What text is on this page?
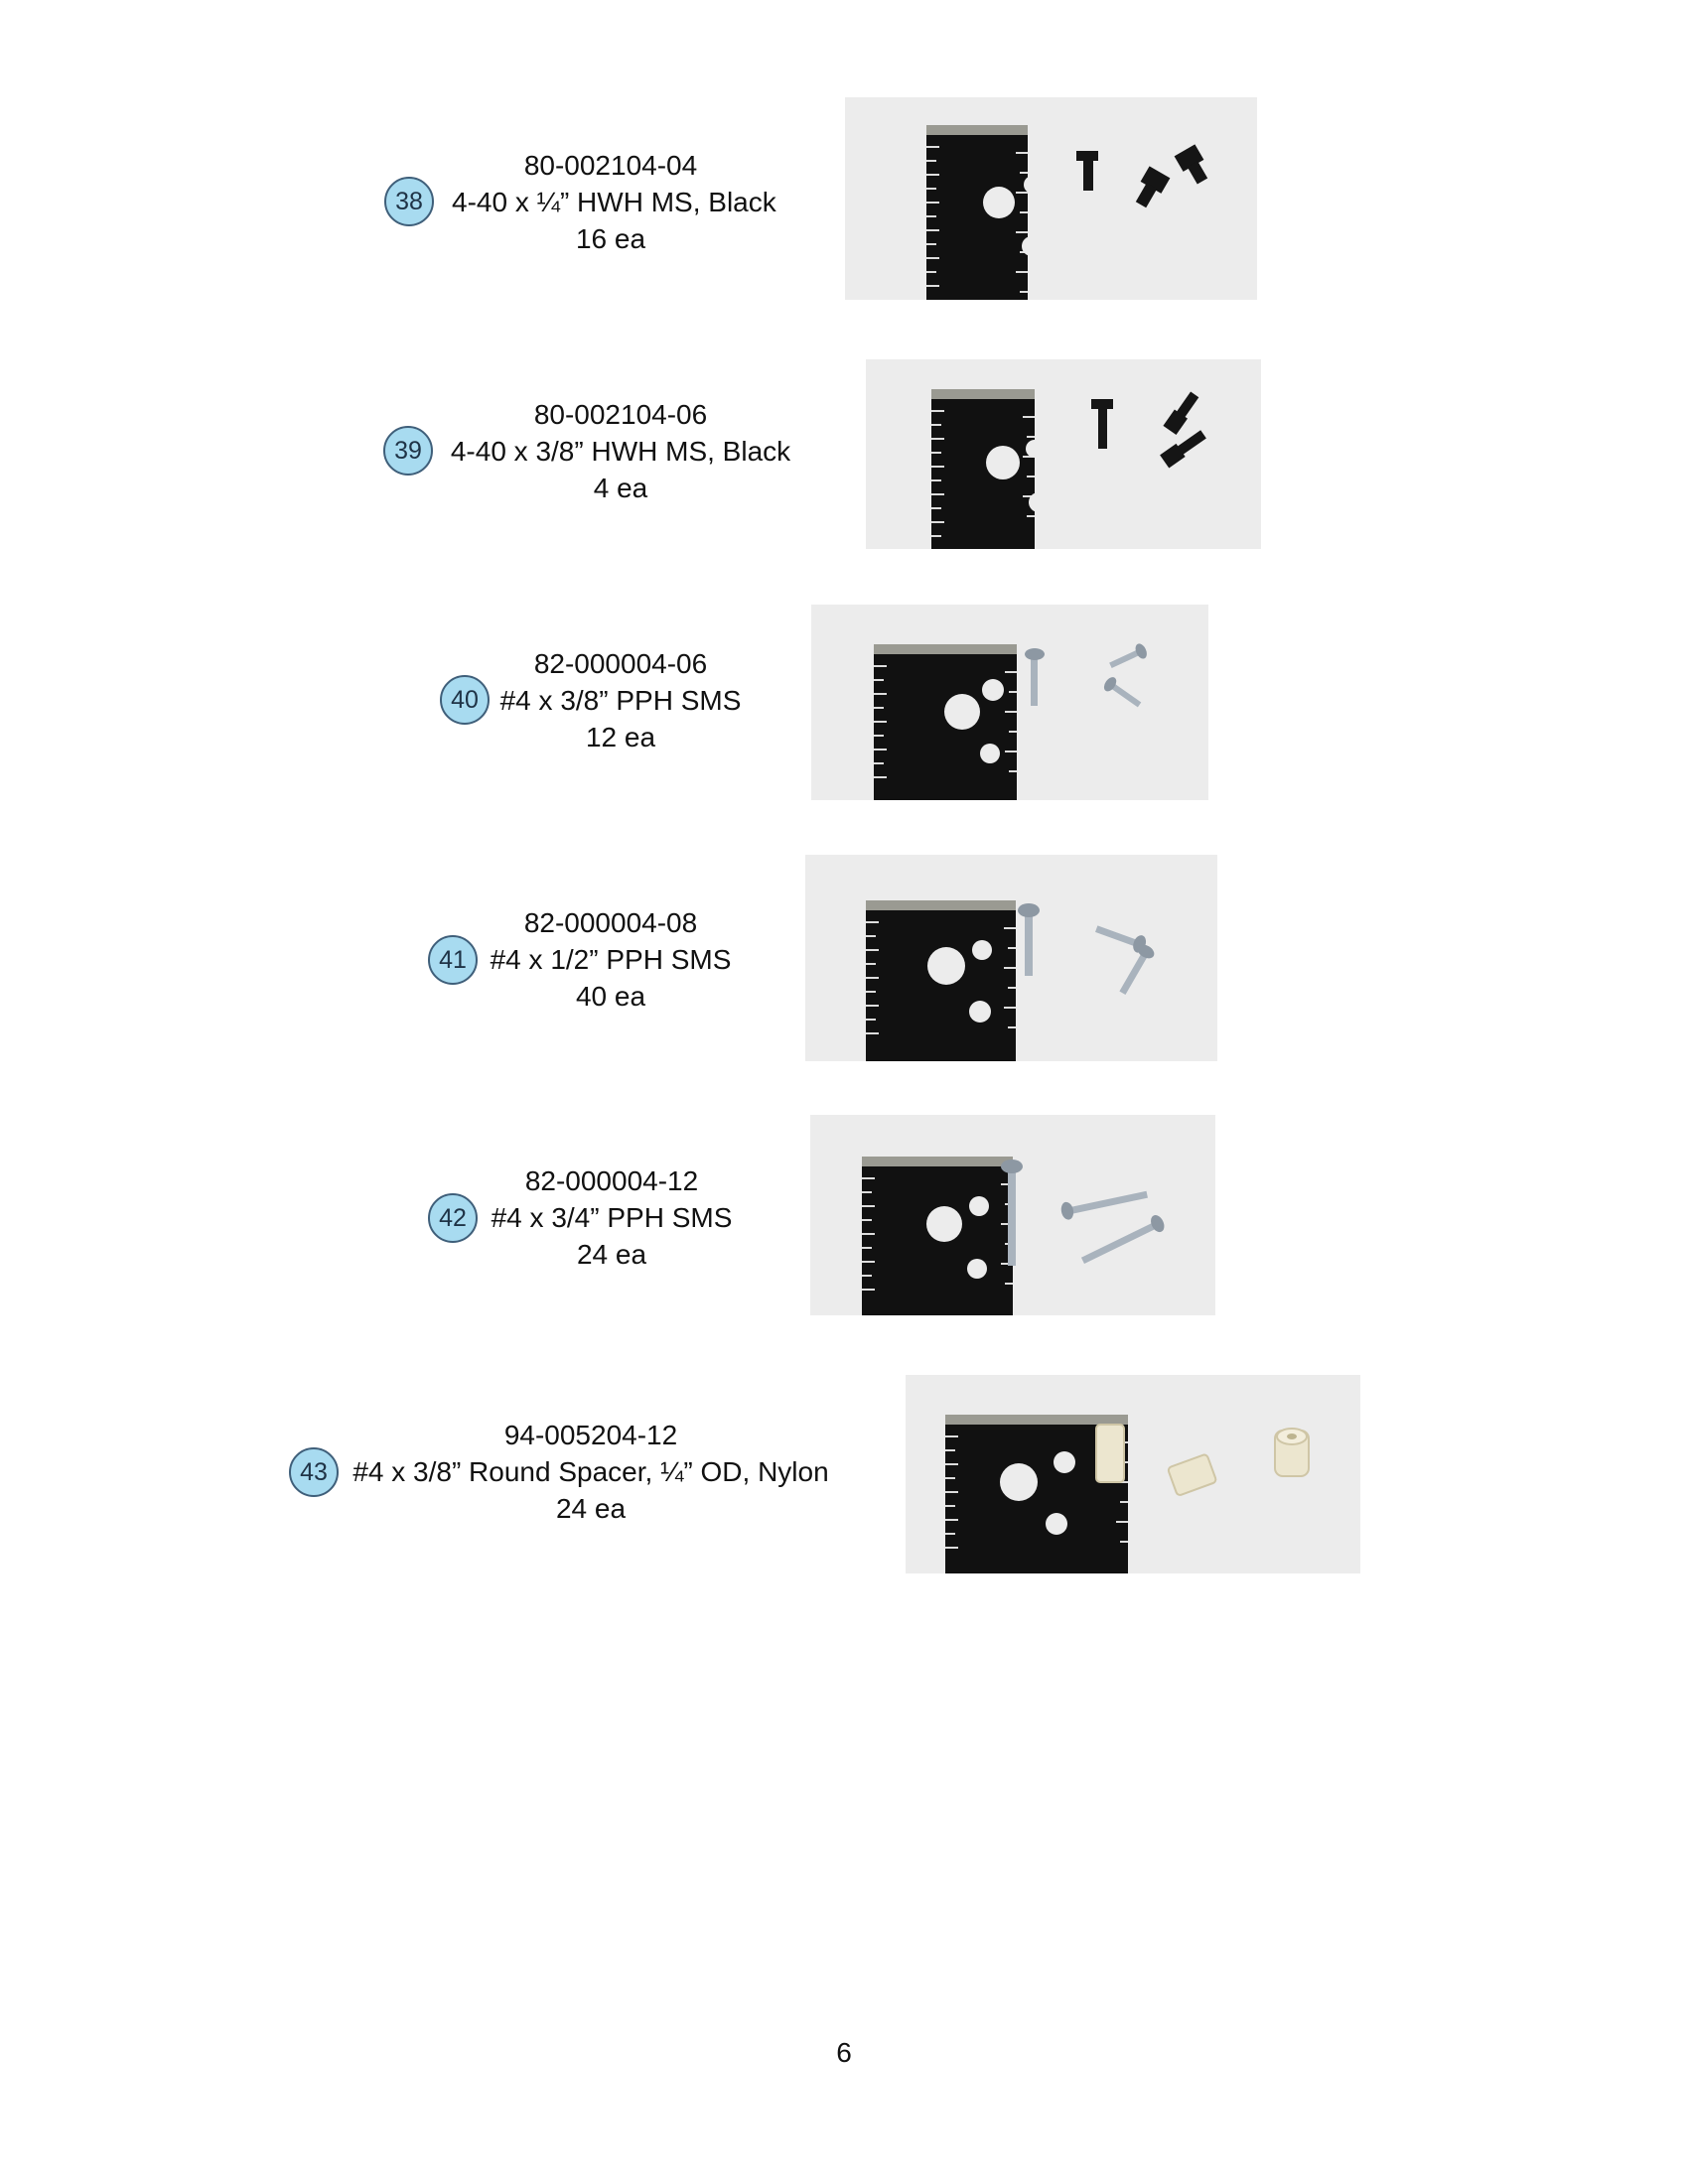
80-002104-04
4-40 x ¼” HWH MS, Black
16 ea
38
80-002104-06
4-40 x 3/8” HWH MS, Black
4 ea
39
82-000004-06
#4 x 3/8” PPH SMS
12 ea
40
82-000004-08
#4 x 1/2” PPH SMS
40 ea
41
82-000004-12
#4 x 3/4” PPH SMS
24 ea
42
94-005204-12
#4 x 3/8” Round Spacer, ¼” OD, Nylon
24 ea
43
6
